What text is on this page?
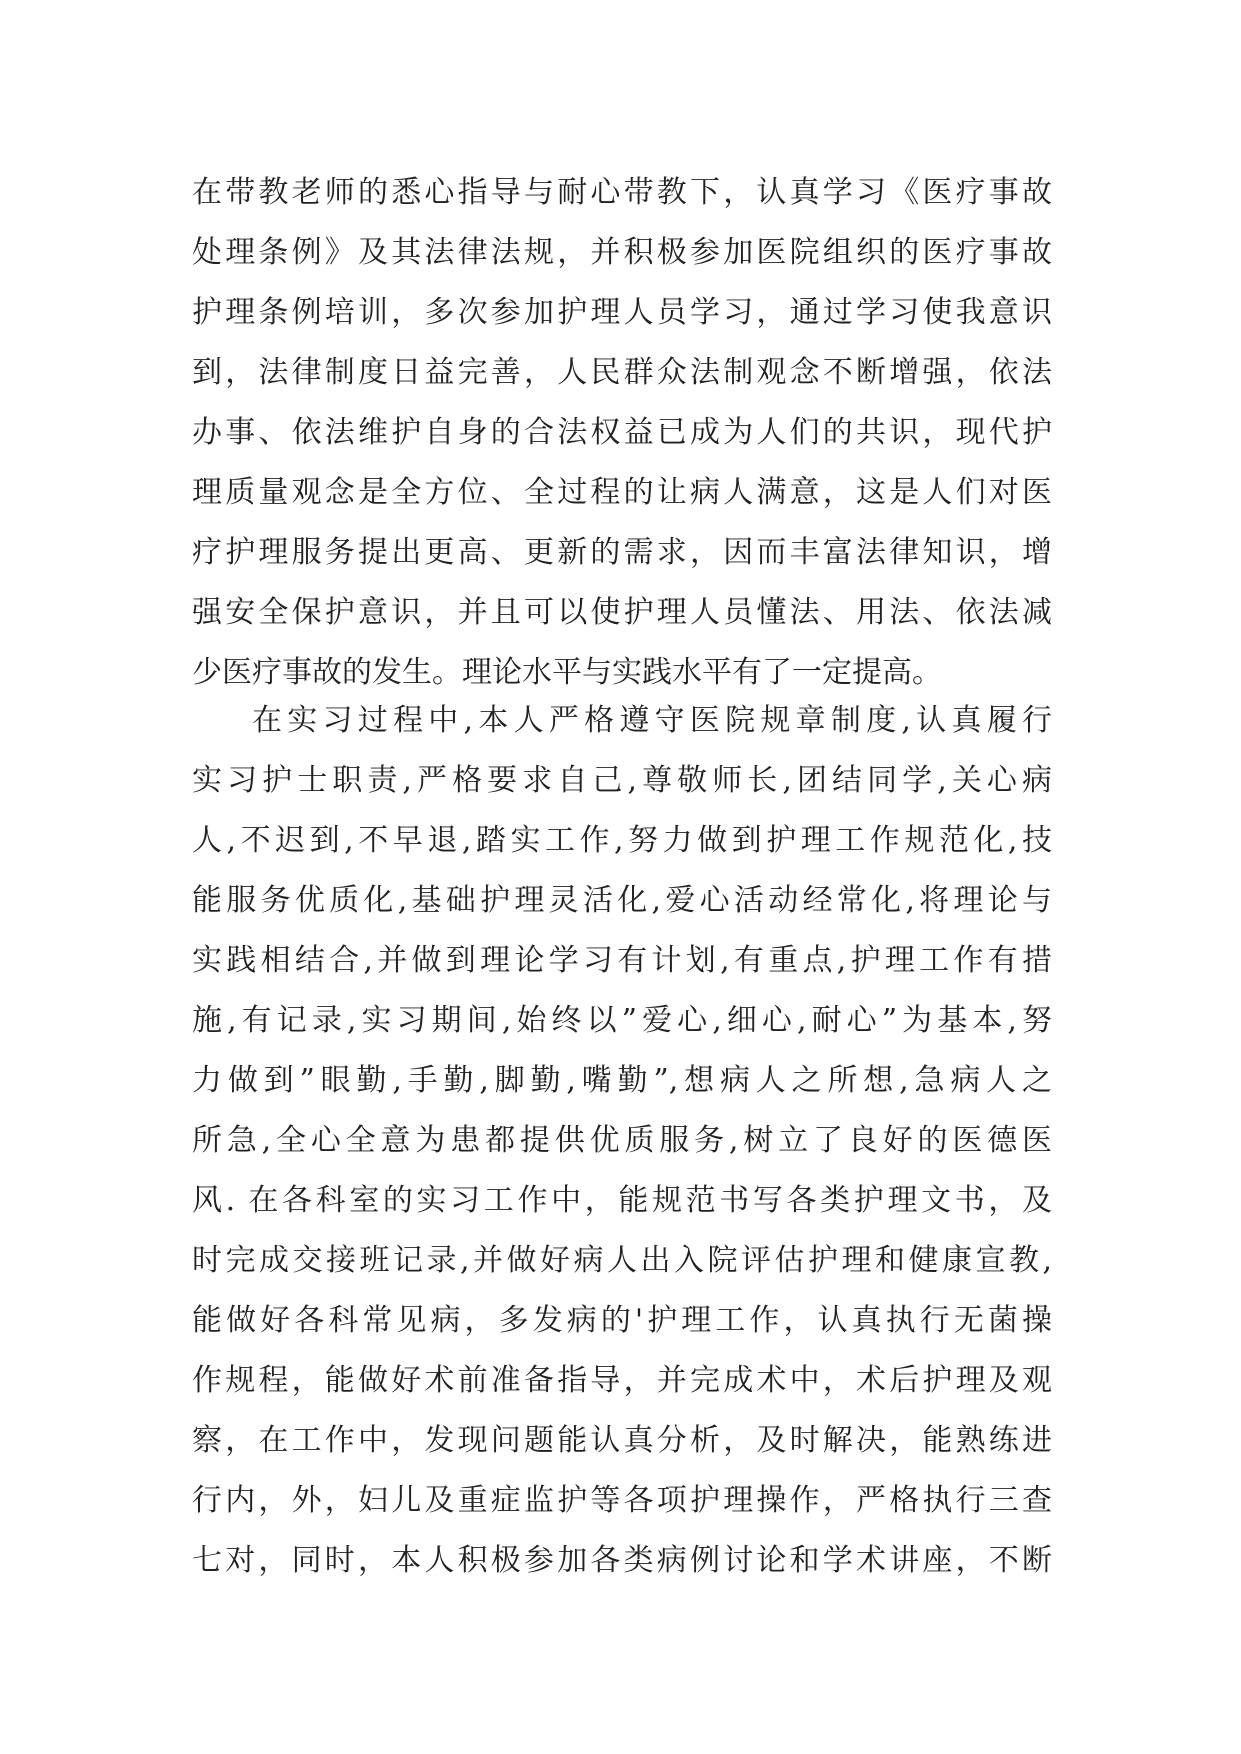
在带教老师的悉心指导与耐心带教下，认真学习《医疗事故
处理条例》及其法律法规，并积极参加医院组织的医疗事故
护理条例培训，多次参加护理人员学习，通过学习使我意识
到，法律制度日益完善，人民群众法制观念不断增强，依法
办事、依法维护自身的合法权益已成为人们的共识，现代护
理质量观念是全方位、全过程的让病人满意，这是人们对医
疗护理服务提出更高、更新的需求，因而丰富法律知识，增
强安全保护意识，并且可以使护理人员懂法、用法、依法减
少医疗事故的发生。理论水平与实践水平有了一定提高。
在实习过程中,本人严格遵守医院规章制度,认真履行
实习护士职责,严格要求自己,尊敬师长,团结同学,关心病
人,不迟到,不早退,踏实工作,努力做到护理工作规范化,技
能服务优质化,基础护理灵活化,爱心活动经常化,将理论与
实践相结合,并做到理论学习有计划,有重点,护理工作有措
施,有记录,实习期间,始终以”爱心,细心,耐心”为基本,努
力做到”眼勤,手勤,脚勤,嘴勤”,想病人之所想,急病人之
所急,全心全意为患都提供优质服务,树立了良好的医德医
风. 在各科室的实习工作中，能规范书写各类护理文书，及
时完成交接班记录,并做好病人出入院评估护理和健康宣教,
能做好各科常见病，多发病的'护理工作，认真执行无菌操
作规程，能做好术前准备指导，并完成术中，术后护理及观
察，在工作中，发现问题能认真分析，及时解决，能熟练进
行内，外，妇儿及重症监护等各项护理操作，严格执行三查
七对，同时，本人积极参加各类病例讨论和学术讲座，不断
